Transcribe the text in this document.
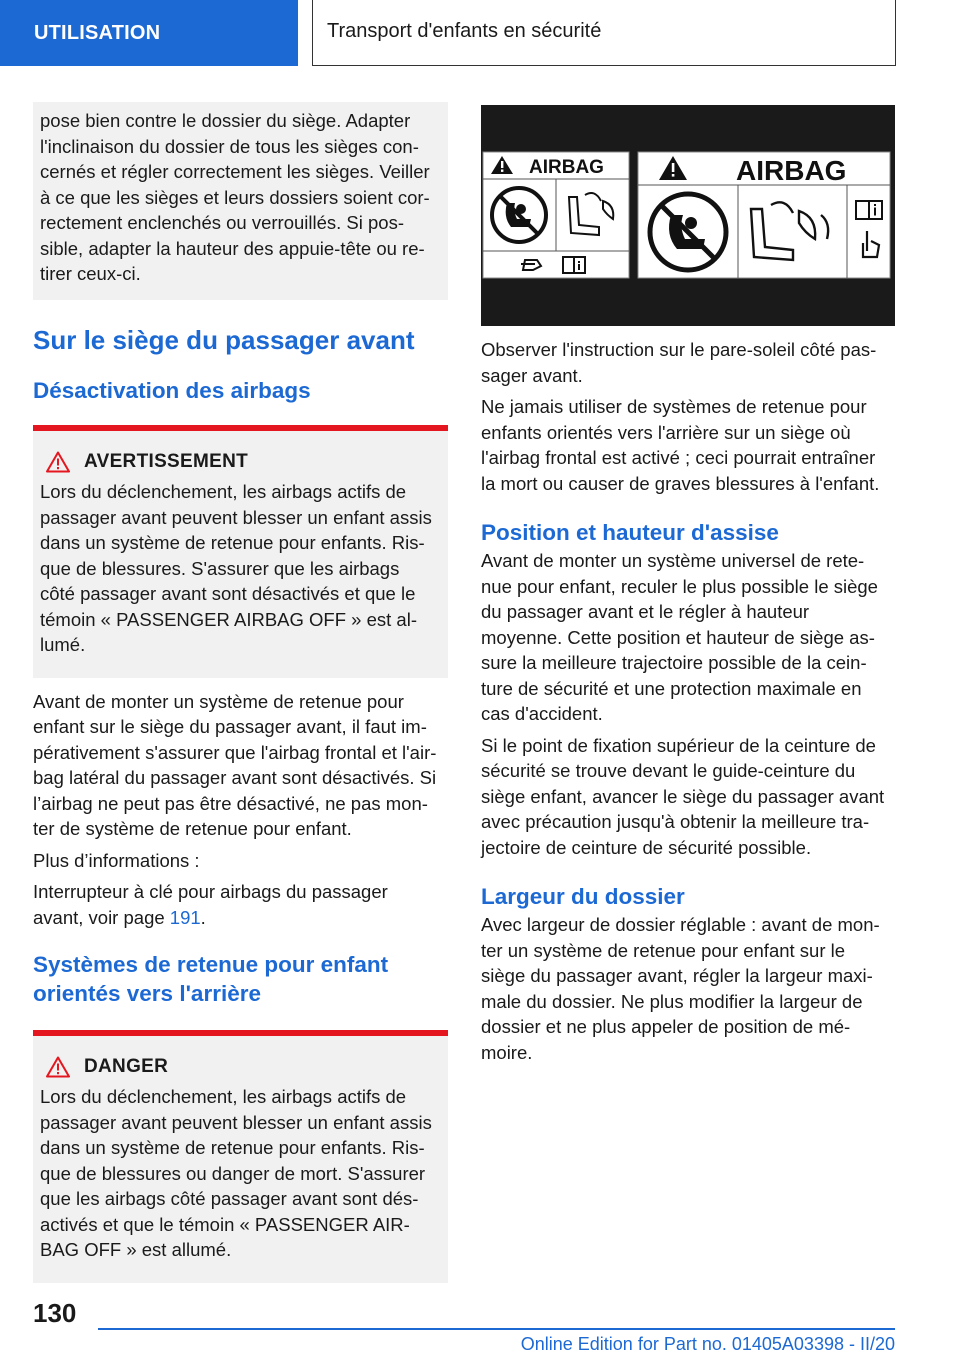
UTILISATION	Transport d'enfants en sécurité

pose bien contre le dossier du siège. Adapter

l'inclinaison du dossier de tous les sièges con‐

cernés et régler correctement les sièges. Veiller

à ce que les sièges et leurs dossiers soient cor‐

rectement enclenchés ou verrouillés. Si pos‐

sible, adapter la hauteur des appuie-tête ou re‐

tirer ceux-ci.

Sur le siège du passager avant
Désactivation des airbags
AVERTISSEMENT

Lors du déclenchement, les airbags actifs de

passager avant peuvent blesser un enfant assis

dans un système de retenue pour enfants. Ris‐

que de blessures. S'assurer que les airbags

côté passager avant sont désactivés et que le

témoin « PASSENGER AIRBAG OFF » est al‐

lumé.

Avant de monter un système de retenue pour

enfant sur le siège du passager avant, il faut im‐

pérativement s'assurer que l'airbag frontal et l'air‐

bag latéral du passager avant sont désactivés. Si

l’airbag ne peut pas être désactivé, ne pas mon‐

ter de système de retenue pour enfant.

Plus d’informations :

Interrupteur à clé pour airbags du passager

avant, voir page 191.

Systèmes de retenue pour enfant
orientés vers l'arrière
DANGER

Lors du déclenchement, les airbags actifs de

passager avant peuvent blesser un enfant assis

dans un système de retenue pour enfants. Ris‐

que de blessures ou danger de mort. S'assurer

que les airbags côté passager avant sont dés‐

activés et que le témoin « PASSENGER AIR‐

BAG OFF » est allumé.

AIRBAG	AIRBAG

Observer l'instruction sur le pare-soleil côté pas‐

sager avant.

Ne jamais utiliser de systèmes de retenue pour

enfants orientés vers l'arrière sur un siège où

l'airbag frontal est activé ; ceci pourrait entraîner

la mort ou causer de graves blessures à l'enfant.

Position et hauteur d'assise

Avant de monter un système universel de rete‐

nue pour enfant, reculer le plus possible le siège

du passager avant et le régler à hauteur

moyenne. Cette position et hauteur de siège as‐

sure la meilleure trajectoire possible de la cein‐

ture de sécurité et une protection maximale en

cas d'accident.

Si le point de fixation supérieur de la ceinture de

sécurité se trouve devant le guide-ceinture du

siège enfant, avancer le siège du passager avant

avec précaution jusqu'à obtenir la meilleure tra‐

jectoire de ceinture de sécurité possible.

Largeur du dossier

Avec largeur de dossier réglable : avant de mon‐

ter un système de retenue pour enfant sur le

siège du passager avant, régler la largeur maxi‐

male du dossier. Ne plus modifier la largeur de

dossier et ne plus appeler de position de mé‐

moire.

130
Online Edition for Part no. 01405A03398 - II/20
